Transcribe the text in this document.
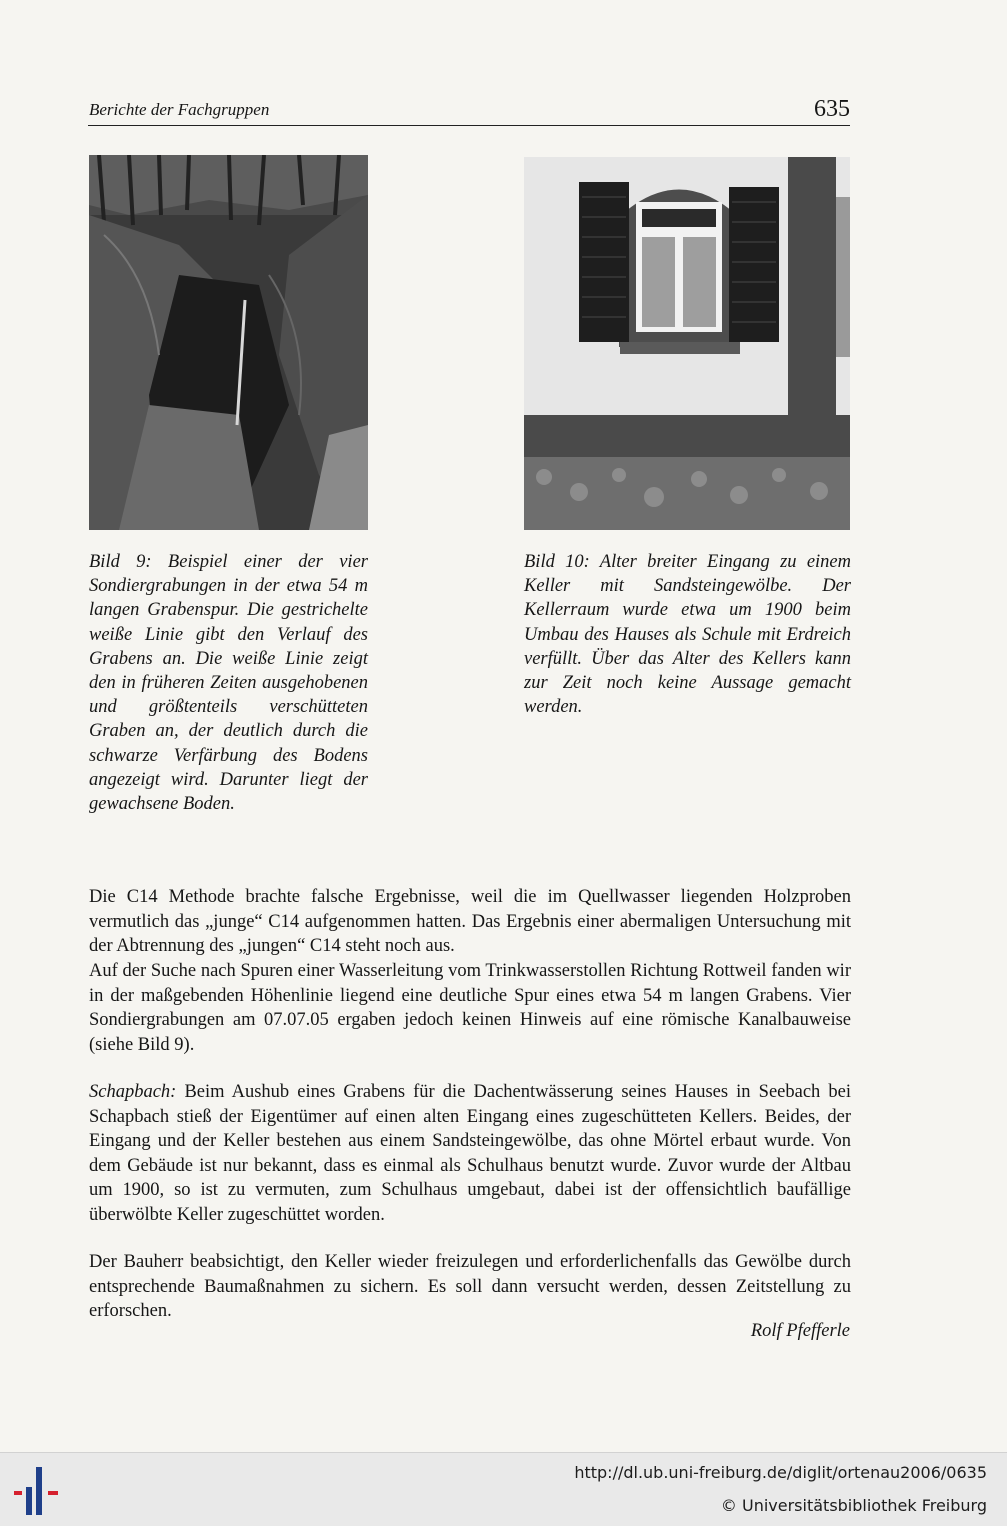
Berichte der Fachgruppen	635

Bild 9: Beispiel einer der vier Sondiergrabungen in der etwa 54 m langen Grabenspur. Die gestrichelte weiße Linie gibt den Verlauf des Grabens an. Die weiße Linie zeigt den in früheren Zeiten ausgehobenen und größtenteils verschütteten Graben an, der deutlich durch die schwarze Verfärbung des Bodens angezeigt wird. Darunter liegt der gewachsene Boden.

Bild 10: Alter breiter Eingang zu einem Keller mit Sandsteingewölbe. Der Kellerraum wurde etwa um 1900 beim Umbau des Hauses als Schule mit Erdreich verfüllt. Über das Alter des Kellers kann zur Zeit noch keine Aussage gemacht werden.

Die C14 Methode brachte falsche Ergebnisse, weil die im Quellwasser liegenden Holzproben vermutlich das „junge“ C14 aufgenommen hatten. Das Ergebnis einer abermaligen Untersuchung mit der Abtrennung des „jungen“ C14 steht noch aus.

Auf der Suche nach Spuren einer Wasserleitung vom Trinkwasserstollen Richtung Rottweil fanden wir in der maßgebenden Höhenlinie liegend eine deutliche Spur eines etwa 54 m langen Grabens. Vier Sondiergrabungen am 07.07.05 ergaben jedoch keinen Hinweis auf eine römische Kanalbauweise (siehe Bild 9).

Schapbach: Beim Aushub eines Grabens für die Dachentwässerung seines Hauses in Seebach bei Schapbach stieß der Eigentümer auf einen alten Eingang eines zugeschütteten Kellers. Beides, der Eingang und der Keller bestehen aus einem Sandsteingewölbe, das ohne Mörtel erbaut wurde. Von dem Gebäude ist nur bekannt, dass es einmal als Schulhaus benutzt wurde. Zuvor wurde der Altbau um 1900, so ist zu vermuten, zum Schulhaus umgebaut, dabei ist der offensichtlich baufällige überwölbte Keller zugeschüttet worden.

Der Bauherr beabsichtigt, den Keller wieder freizulegen und erforderlichenfalls das Gewölbe durch entsprechende Baumaßnahmen zu sichern. Es soll dann versucht werden, dessen Zeitstellung zu erforschen.

Rolf Pfefferle
http://dl.ub.uni-freiburg.de/diglit/ortenau2006/0635
© Universitätsbibliothek Freiburg
